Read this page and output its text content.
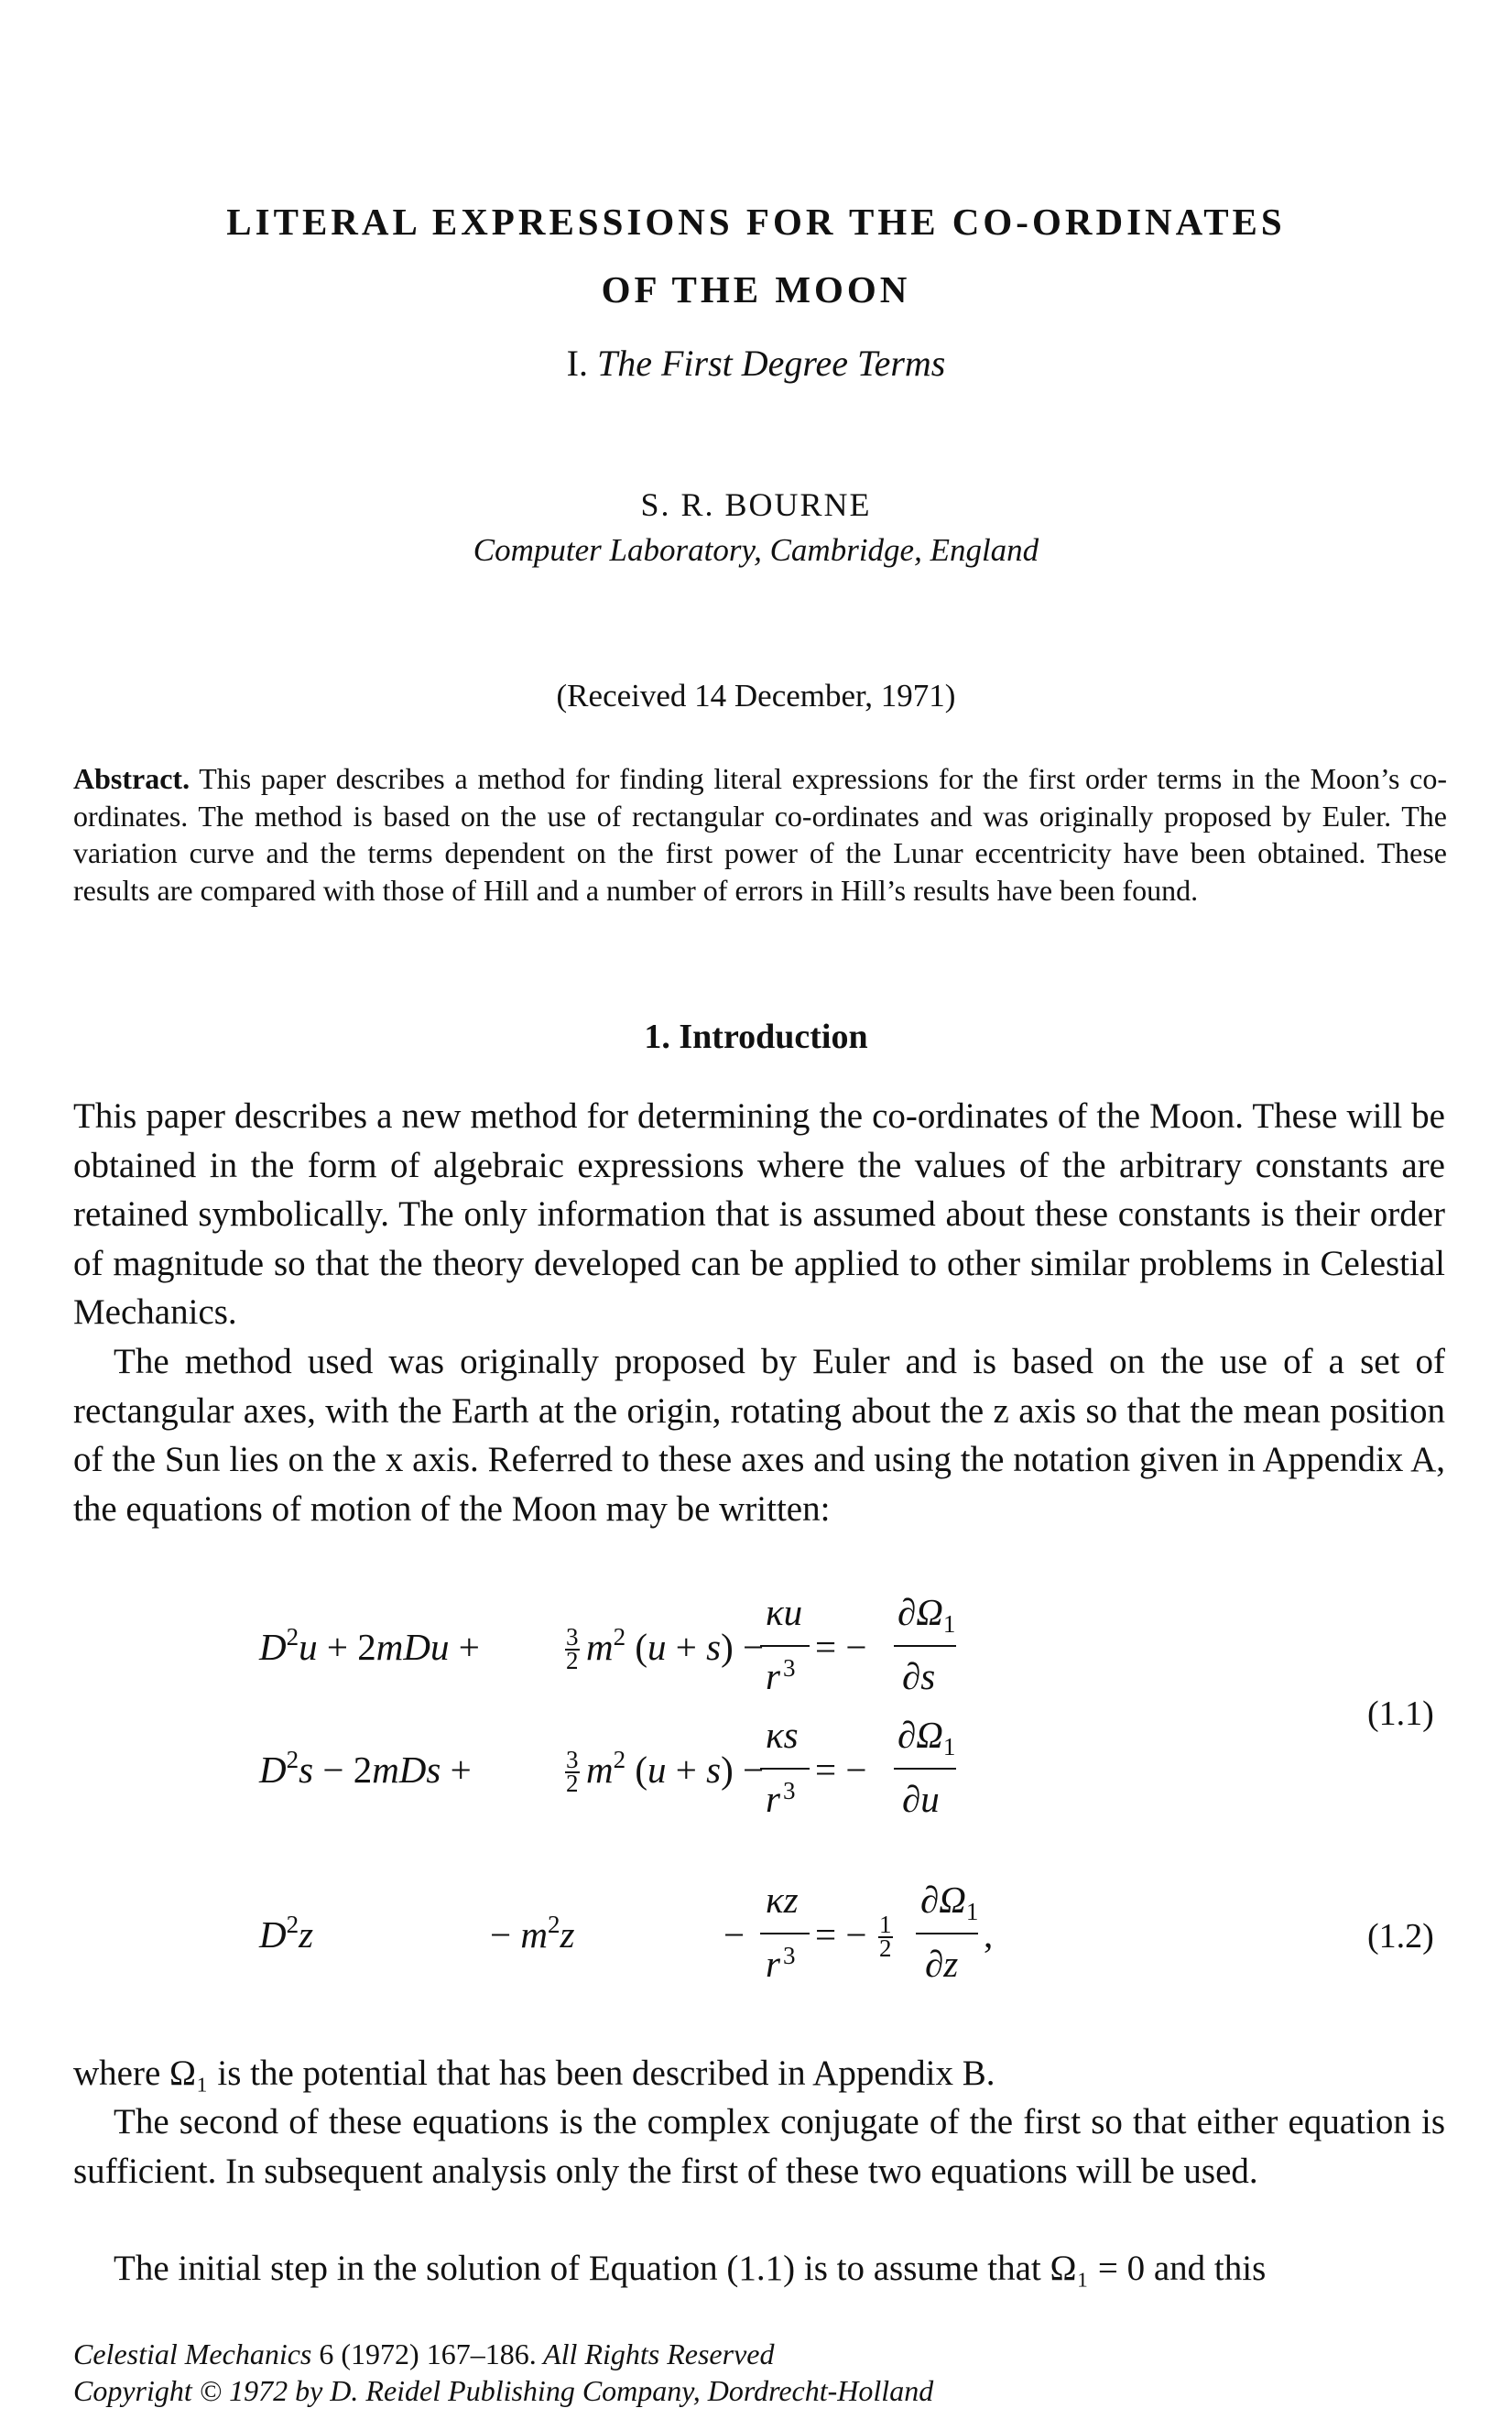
LITERAL EXPRESSIONS FOR THE CO-ORDINATES
OF THE MOON
I. The First Degree Terms
S. R. BOURNE
Computer Laboratory, Cambridge, England
(Received 14 December, 1971)
Abstract. This paper describes a method for finding literal expressions for the first order terms in the Moon’s co-ordinates. The method is based on the use of rectangular co-ordinates and was originally proposed by Euler. The variation curve and the terms dependent on the first power of the Lunar eccentricity have been obtained. These results are compared with those of Hill and a number of errors in Hill’s results have been found.
1. Introduction

This paper describes a new method for determining the co-ordinates of the Moon. These will be obtained in the form of algebraic expressions where the values of the arbitrary constants are retained symbolically. The only information that is assumed about these constants is their order of magnitude so that the theory developed can be applied to other similar problems in Celestial Mechanics.

The method used was originally proposed by Euler and is based on the use of a set of rectangular axes, with the Earth at the origin, rotating about the z axis so that the mean position of the Sun lies on the x axis. Referred to these axes and using the notation given in Appendix A, the equations of motion of the Moon may be written:

$D^2u + 2mDu$ +	3
2 $m^2$ (u + s) −
κu
r 3 = −
∂Ω1
∂s
$D^2s - 2mDs$ +	3
2 $m^2$ (u + s) −
κs
r 3 = −
∂Ω1
∂u
(1.1)
$D^2z$	− $m^2z$	−
κz
r 3 = − 1
2
∂Ω1
∂z
,	(1.2)

where Ω₁ is the potential that has been described in Appendix B.

The second of these equations is the complex conjugate of the first so that either equation is sufficient. In subsequent analysis only the first of these two equations will be used.

The initial step in the solution of Equation (1.1) is to assume that Ω₁ = 0 and this

Celestial Mechanics 6 (1972) 167–186. All Rights Reserved
Copyright © 1972 by D. Reidel Publishing Company, Dordrecht-Holland
